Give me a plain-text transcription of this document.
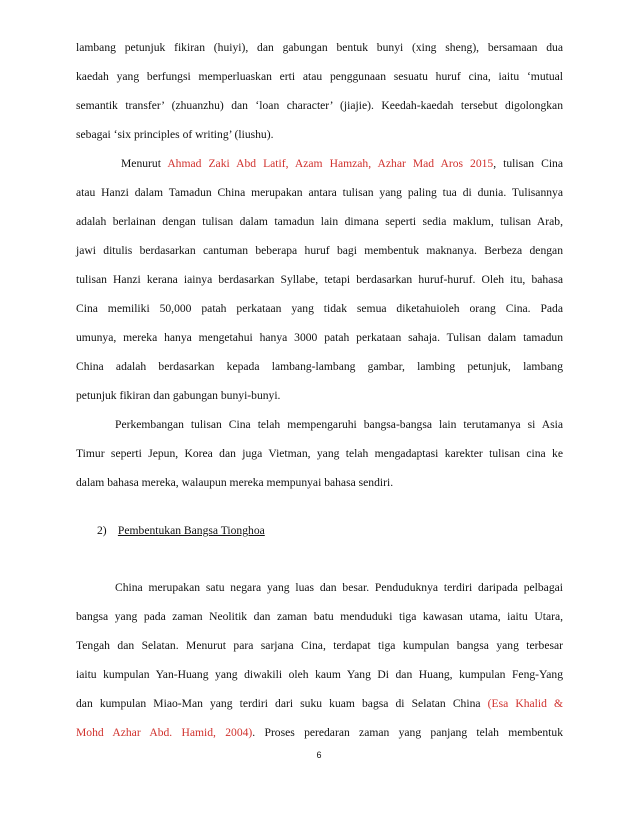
lambang petunjuk fikiran (huiyi), dan gabungan bentuk bunyi (xing sheng), bersamaan dua
kaedah yang berfungsi memperluaskan erti atau penggunaan sesuatu huruf cina, iaitu ‘mutual
semantik transfer’ (zhuanzhu) dan ‘loan character’ (jiajie). Keedah-kaedah tersebut digolongkan
sebagai ‘six principles of writing’ (liushu).
Menurut Ahmad Zaki Abd Latif, Azam Hamzah, Azhar Mad Aros 2015, tulisan Cina
atau Hanzi dalam Tamadun China merupakan antara tulisan yang paling tua di dunia. Tulisannya
adalah berlainan dengan tulisan dalam tamadun lain dimana seperti sedia maklum, tulisan Arab,
jawi ditulis berdasarkan cantuman beberapa huruf bagi membentuk maknanya. Berbeza dengan
tulisan Hanzi kerana iainya berdasarkan Syllabe, tetapi berdasarkan huruf-huruf. Oleh itu, bahasa
Cina memiliki 50,000 patah perkataan yang tidak semua diketahuioleh orang Cina. Pada
umunya, mereka hanya mengetahui hanya 3000 patah perkataan sahaja. Tulisan dalam tamadun
China adalah berdasarkan kepada lambang-lambang gambar, lambing petunjuk, lambang
petunjuk fikiran dan gabungan bunyi-bunyi.
Perkembangan tulisan Cina telah mempengaruhi bangsa-bangsa lain terutamanya si Asia
Timur seperti Jepun, Korea dan juga Vietman, yang telah mengadaptasi karekter tulisan cina ke
dalam bahasa mereka, walaupun mereka mempunyai bahasa sendiri.
2) Pembentukan Bangsa Tionghoa
China merupakan satu negara yang luas dan besar. Penduduknya terdiri daripada pelbagai
bangsa yang pada zaman Neolitik dan zaman batu menduduki tiga kawasan utama, iaitu Utara,
Tengah dan Selatan. Menurut para sarjana Cina, terdapat tiga kumpulan bangsa yang terbesar
iaitu kumpulan Yan-Huang yang diwakili oleh kaum Yang Di dan Huang, kumpulan Feng-Yang
dan kumpulan Miao-Man yang terdiri dari suku kuam bagsa di Selatan China (Esa Khalid &
Mohd Azhar Abd. Hamid, 2004). Proses peredaran zaman yang panjang telah membentuk
6
